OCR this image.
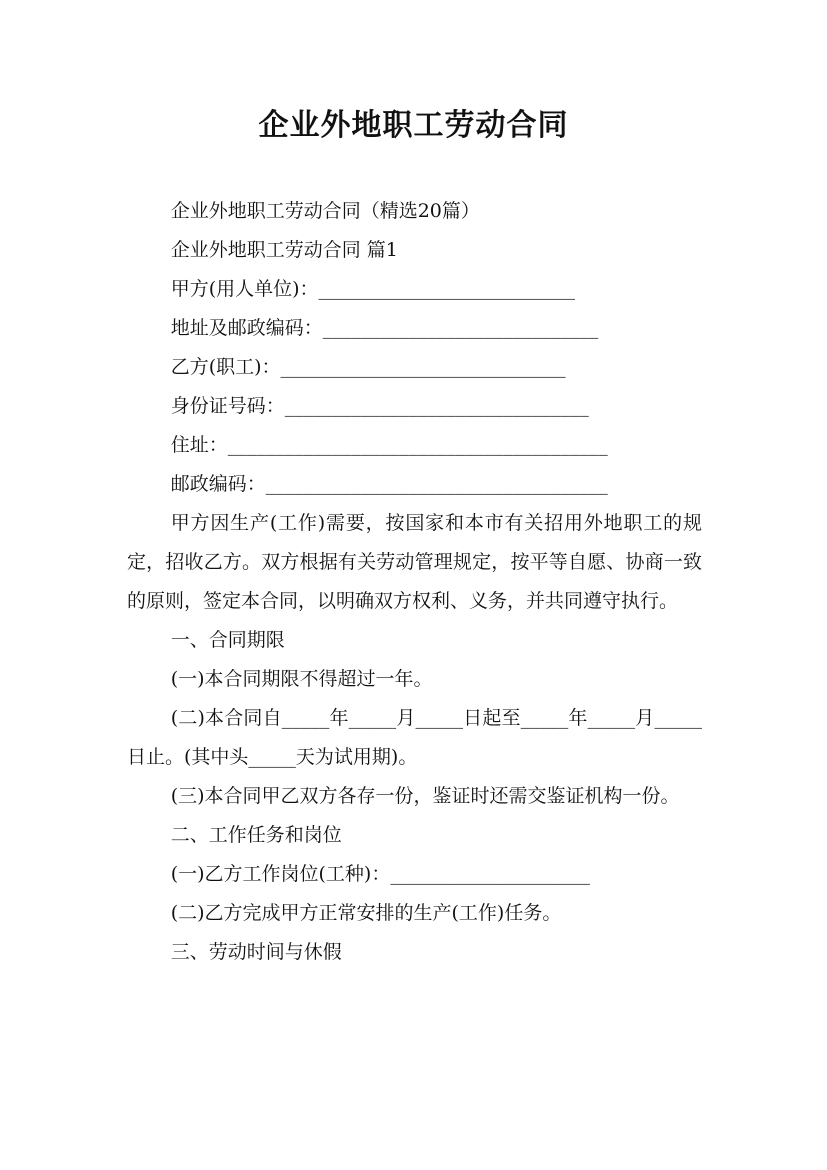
企业外地职工劳动合同
企业外地职工劳动合同（精选20篇）
企业外地职工劳动合同 篇1
甲方(用人单位)：___________________________
地址及邮政编码：_____________________________
乙方(职工)：______________________________
身份证号码：________________________________
住址：________________________________________
邮政编码：____________________________________
甲方因生产(工作)需要，按国家和本市有关招用外地职工的规定，招收乙方。双方根据有关劳动管理规定，按平等自愿、协商一致的原则，签定本合同，以明确双方权利、义务，并共同遵守执行。
一、合同期限
(一)本合同期限不得超过一年。
(二)本合同自_____年_____月_____日起至_____年_____月_____日止。(其中头_____天为试用期)。
(三)本合同甲乙双方各存一份，鉴证时还需交鉴证机构一份。
二、工作任务和岗位
(一)乙方工作岗位(工种)：_____________________
(二)乙方完成甲方正常安排的生产(工作)任务。
三、劳动时间与休假
